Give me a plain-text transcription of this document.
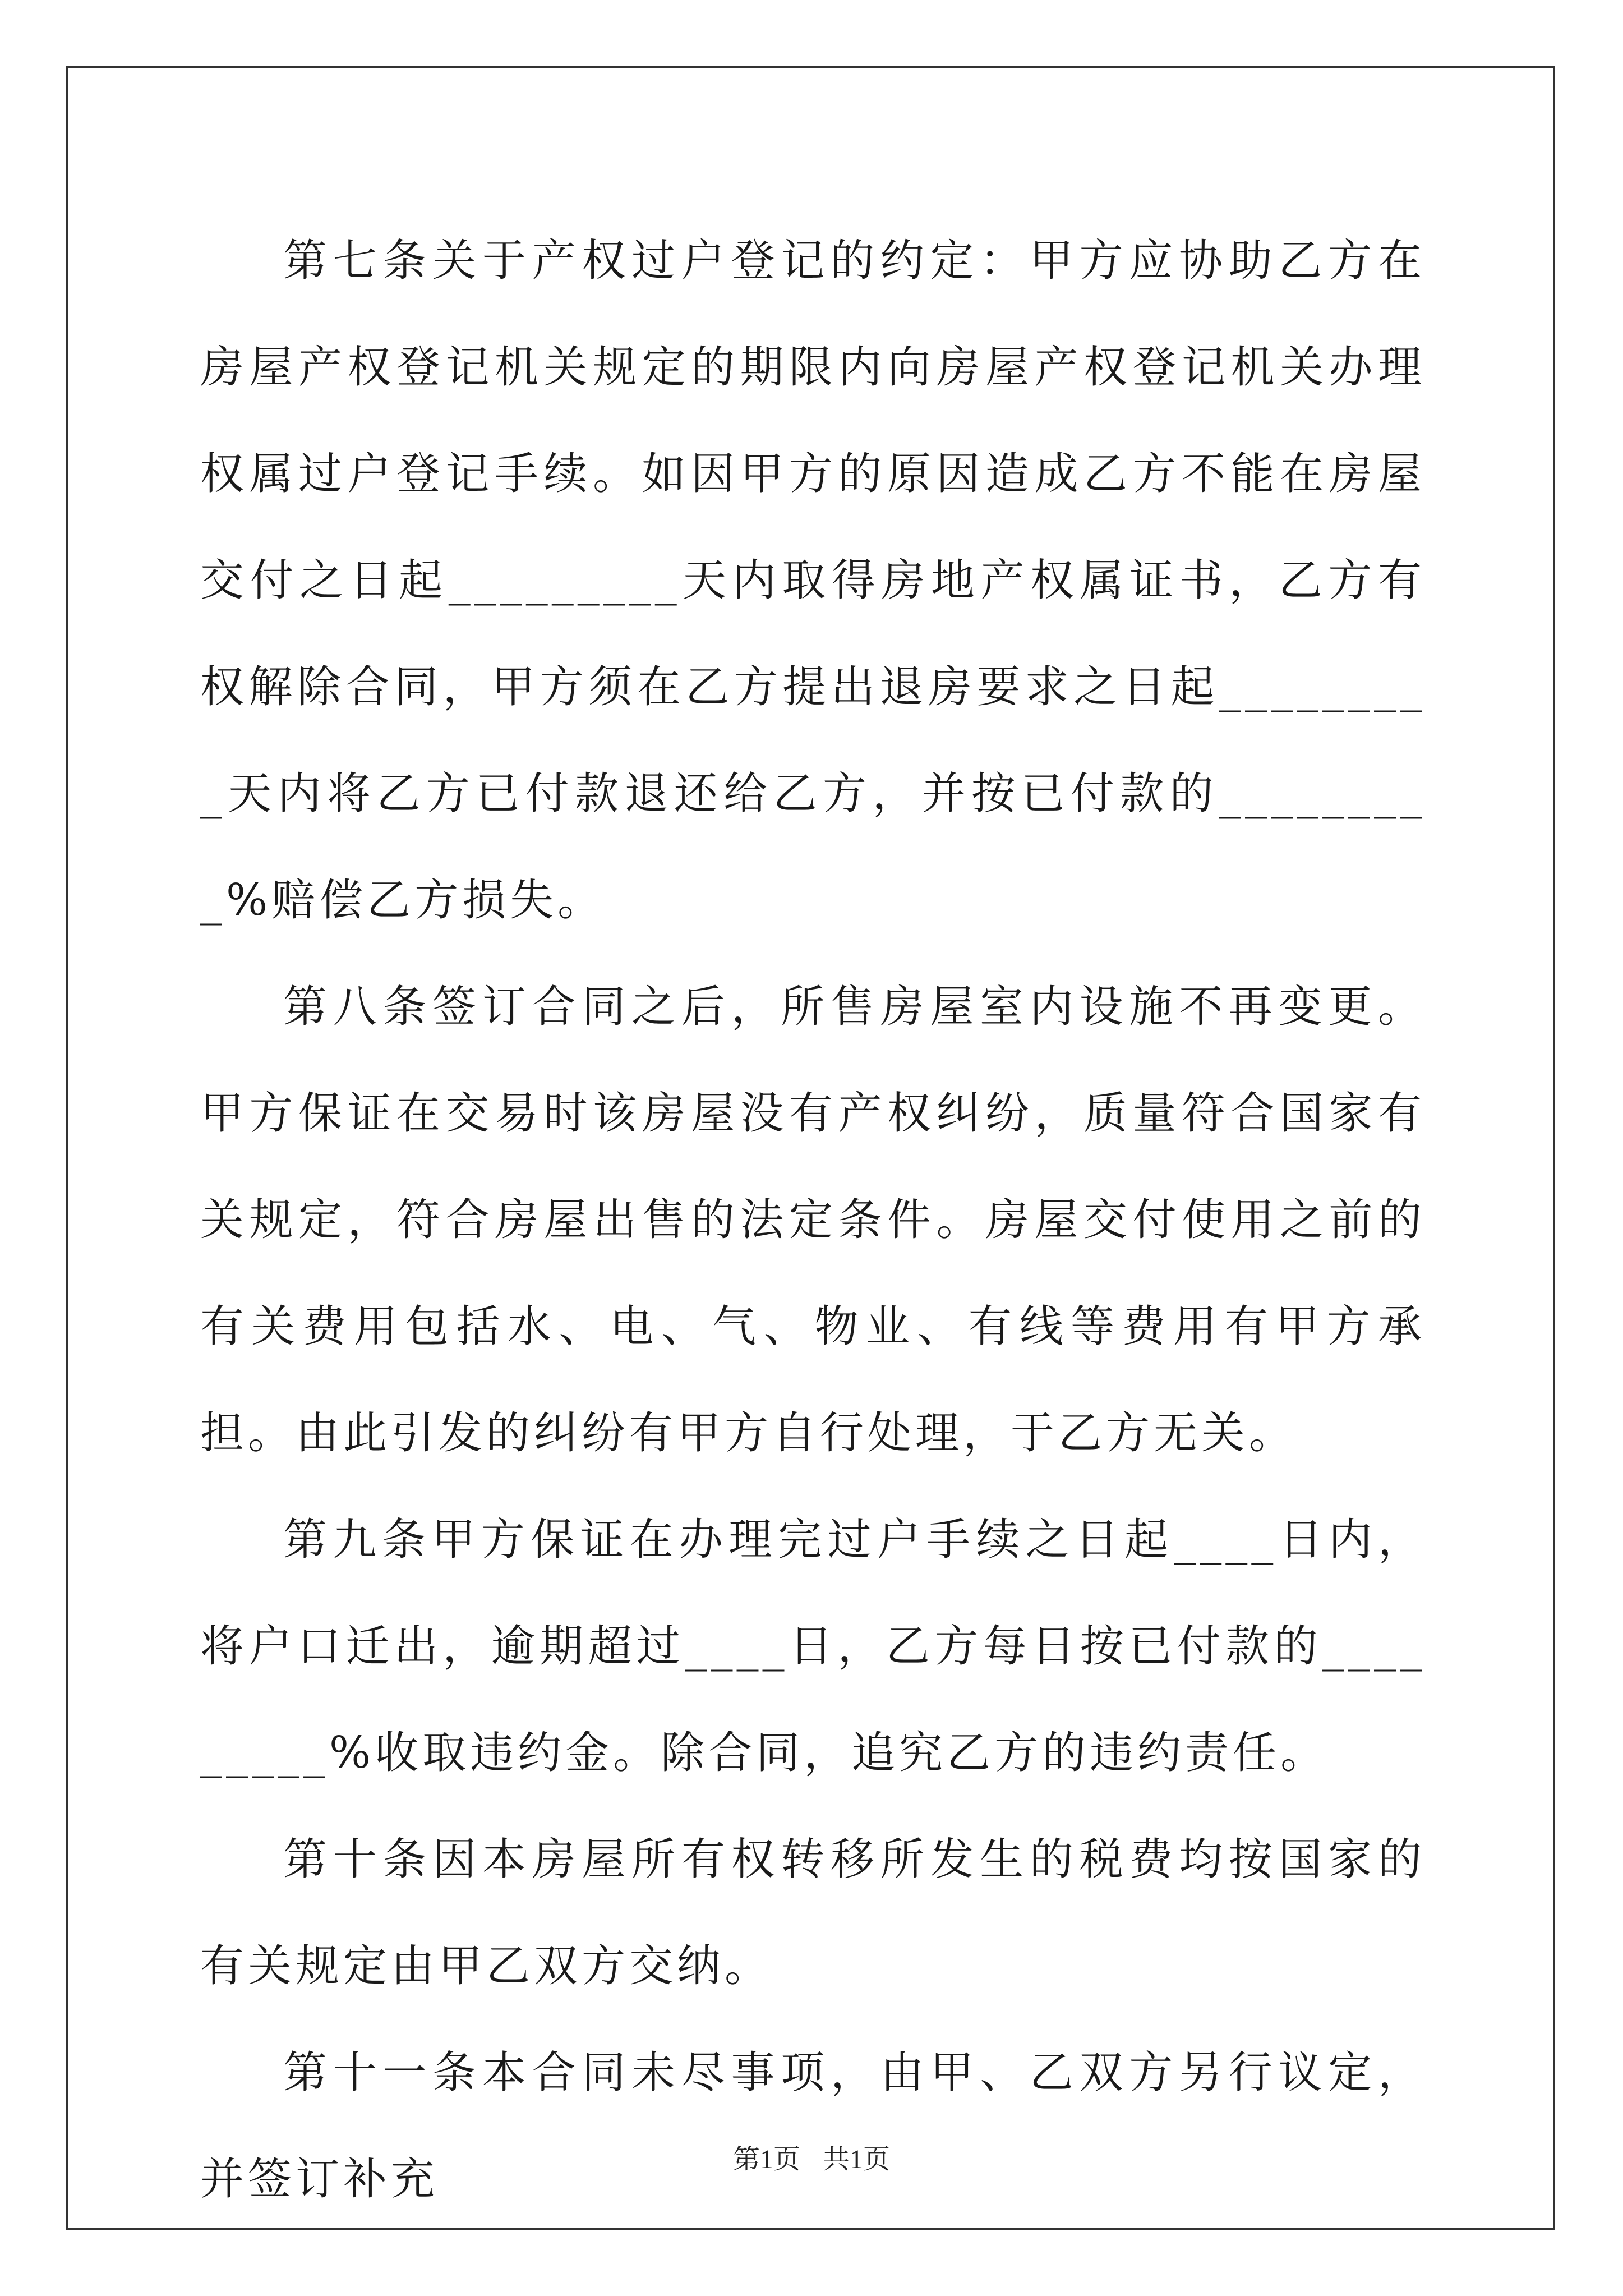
第七条关于产权过户登记的约定：甲方应协助乙方在房屋产权登记机关规定的期限内向房屋产权登记机关办理权属过户登记手续。如因甲方的原因造成乙方不能在房屋交付之日起_________天内取得房地产权属证书，乙方有权解除合同，甲方须在乙方提出退房要求之日起_________天内将乙方已付款退还给乙方，并按已付款的_________%赔偿乙方损失。

第八条签订合同之后，所售房屋室内设施不再变更。甲方保证在交易时该房屋没有产权纠纷，质量符合国家有关规定，符合房屋出售的法定条件。房屋交付使用之前的有关费用包括水、电、气、物业、有线等费用有甲方承担。由此引发的纠纷有甲方自行处理，于乙方无关。

第九条甲方保证在办理完过户手续之日起____日内，将户口迁出，逾期超过____日，乙方每日按已付款的_________%收取违约金。除合同，追究乙方的违约责任。

第十条因本房屋所有权转移所发生的税费均按国家的有关规定由甲乙双方交纳。

第十一条本合同未尽事项，由甲、乙双方另行议定，并签订补充	第1页 共1页
